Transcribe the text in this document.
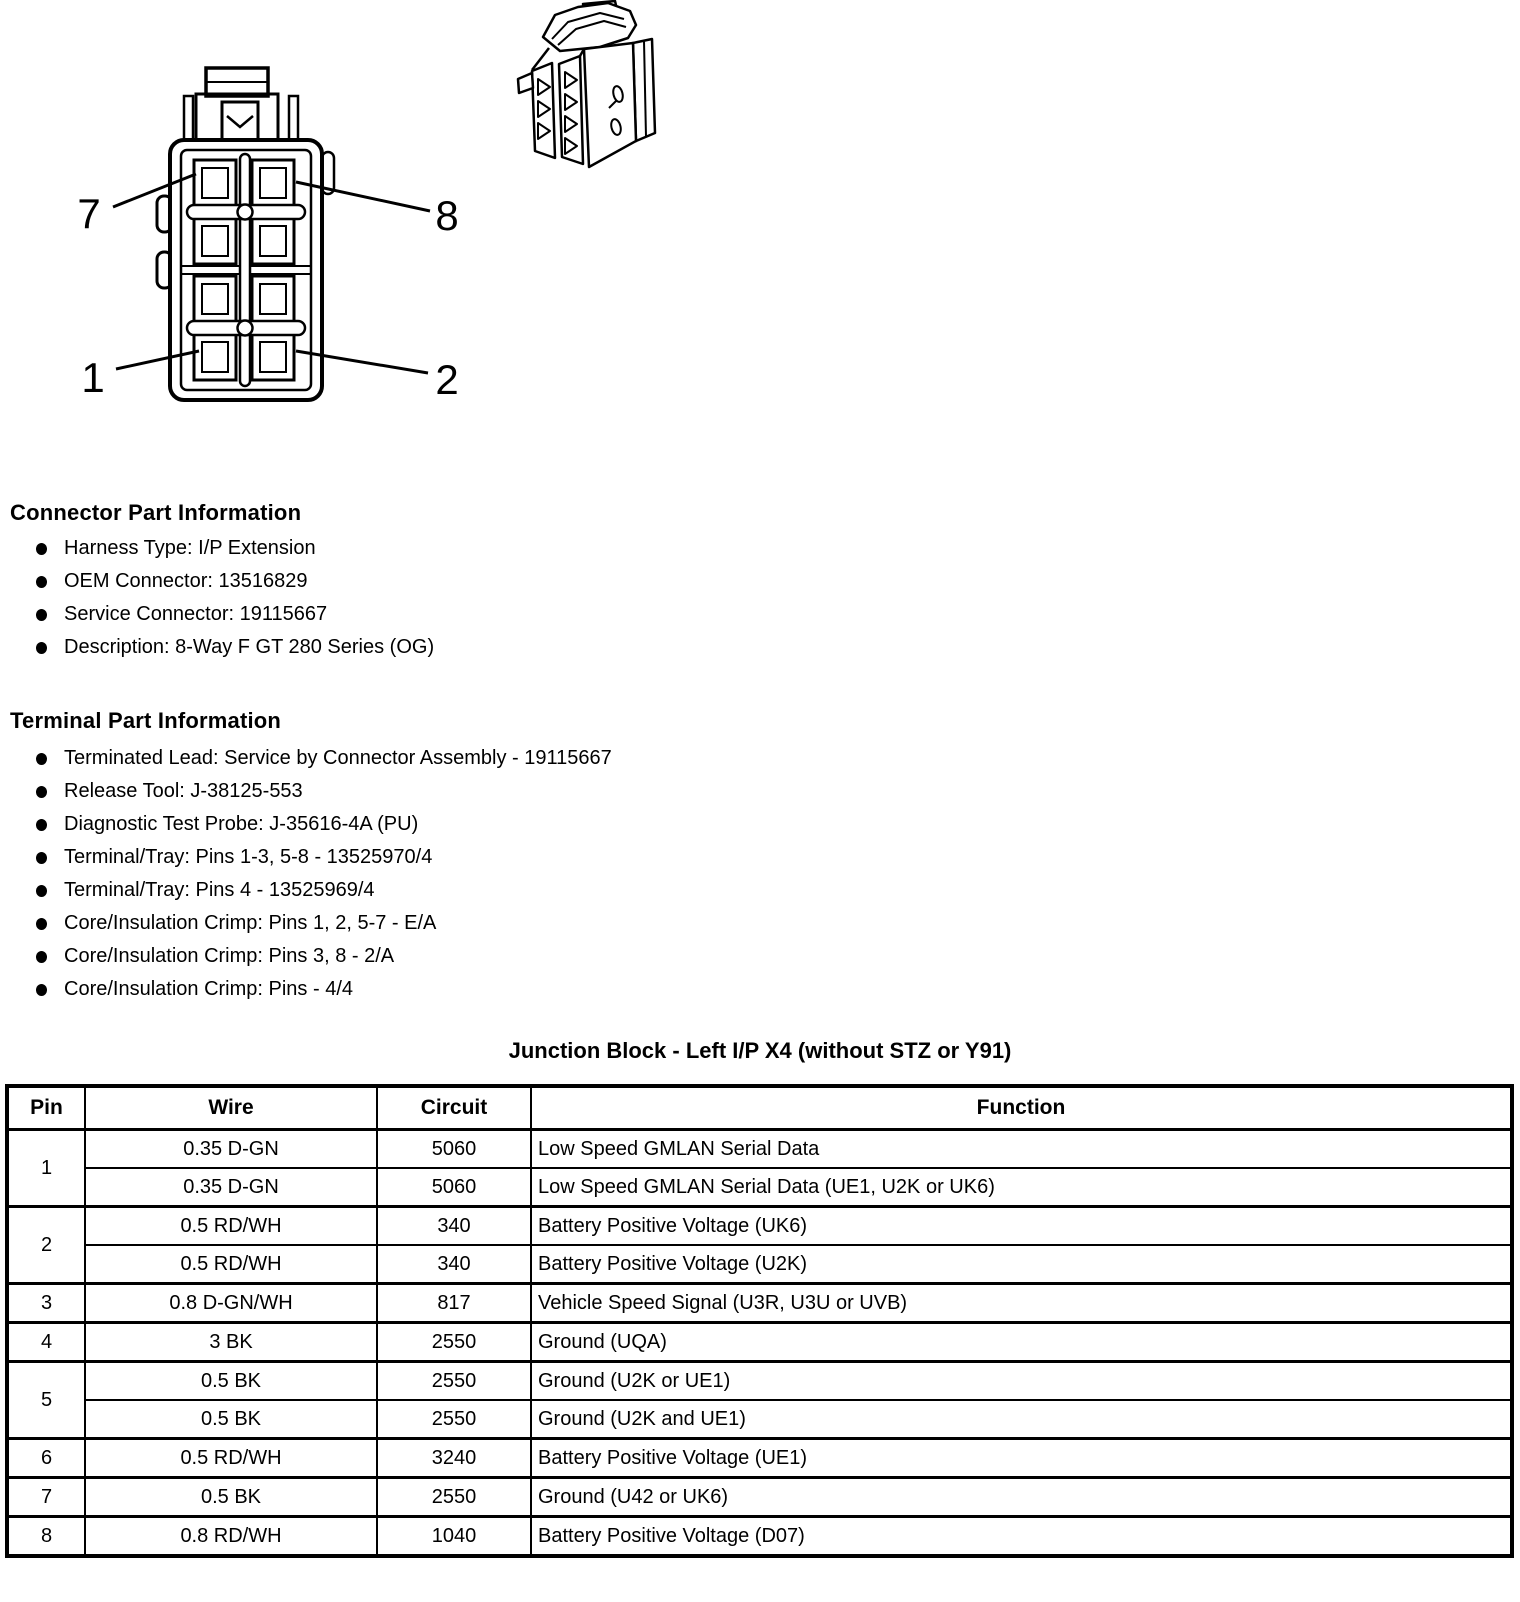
7	8
1	2
Connector Part Information
Harness Type: I/P Extension
OEM Connector: 13516829
Service Connector: 19115667
Description: 8-Way F GT 280 Series (OG)
Terminal Part Information
Terminated Lead: Service by Connector Assembly - 19115667
Release Tool: J-38125-553
Diagnostic Test Probe: J-35616-4A (PU)
Terminal/Tray: Pins 1-3, 5-8 - 13525970/4
Terminal/Tray: Pins 4 - 13525969/4
Core/Insulation Crimp: Pins 1, 2, 5-7 - E/A
Core/Insulation Crimp: Pins 3, 8 - 2/A
Core/Insulation Crimp: Pins - 4/4
Junction Block - Left I/P X4 (without STZ or Y91)
Pin	Wire	Circuit	Function
1	0.35 D-GN	5060	Low Speed GMLAN Serial Data
	0.35 D-GN	5060	Low Speed GMLAN Serial Data (UE1, U2K or UK6)
2	0.5 RD/WH	340	Battery Positive Voltage (UK6)
	0.5 RD/WH	340	Battery Positive Voltage (U2K)
3	0.8 D-GN/WH	817	Vehicle Speed Signal (U3R, U3U or UVB)
4	3 BK	2550	Ground (UQA)
5	0.5 BK	2550	Ground (U2K or UE1)
	0.5 BK	2550	Ground (U2K and UE1)
6	0.5 RD/WH	3240	Battery Positive Voltage (UE1)
7	0.5 BK	2550	Ground (U42 or UK6)
8	0.8 RD/WH	1040	Battery Positive Voltage (D07)
